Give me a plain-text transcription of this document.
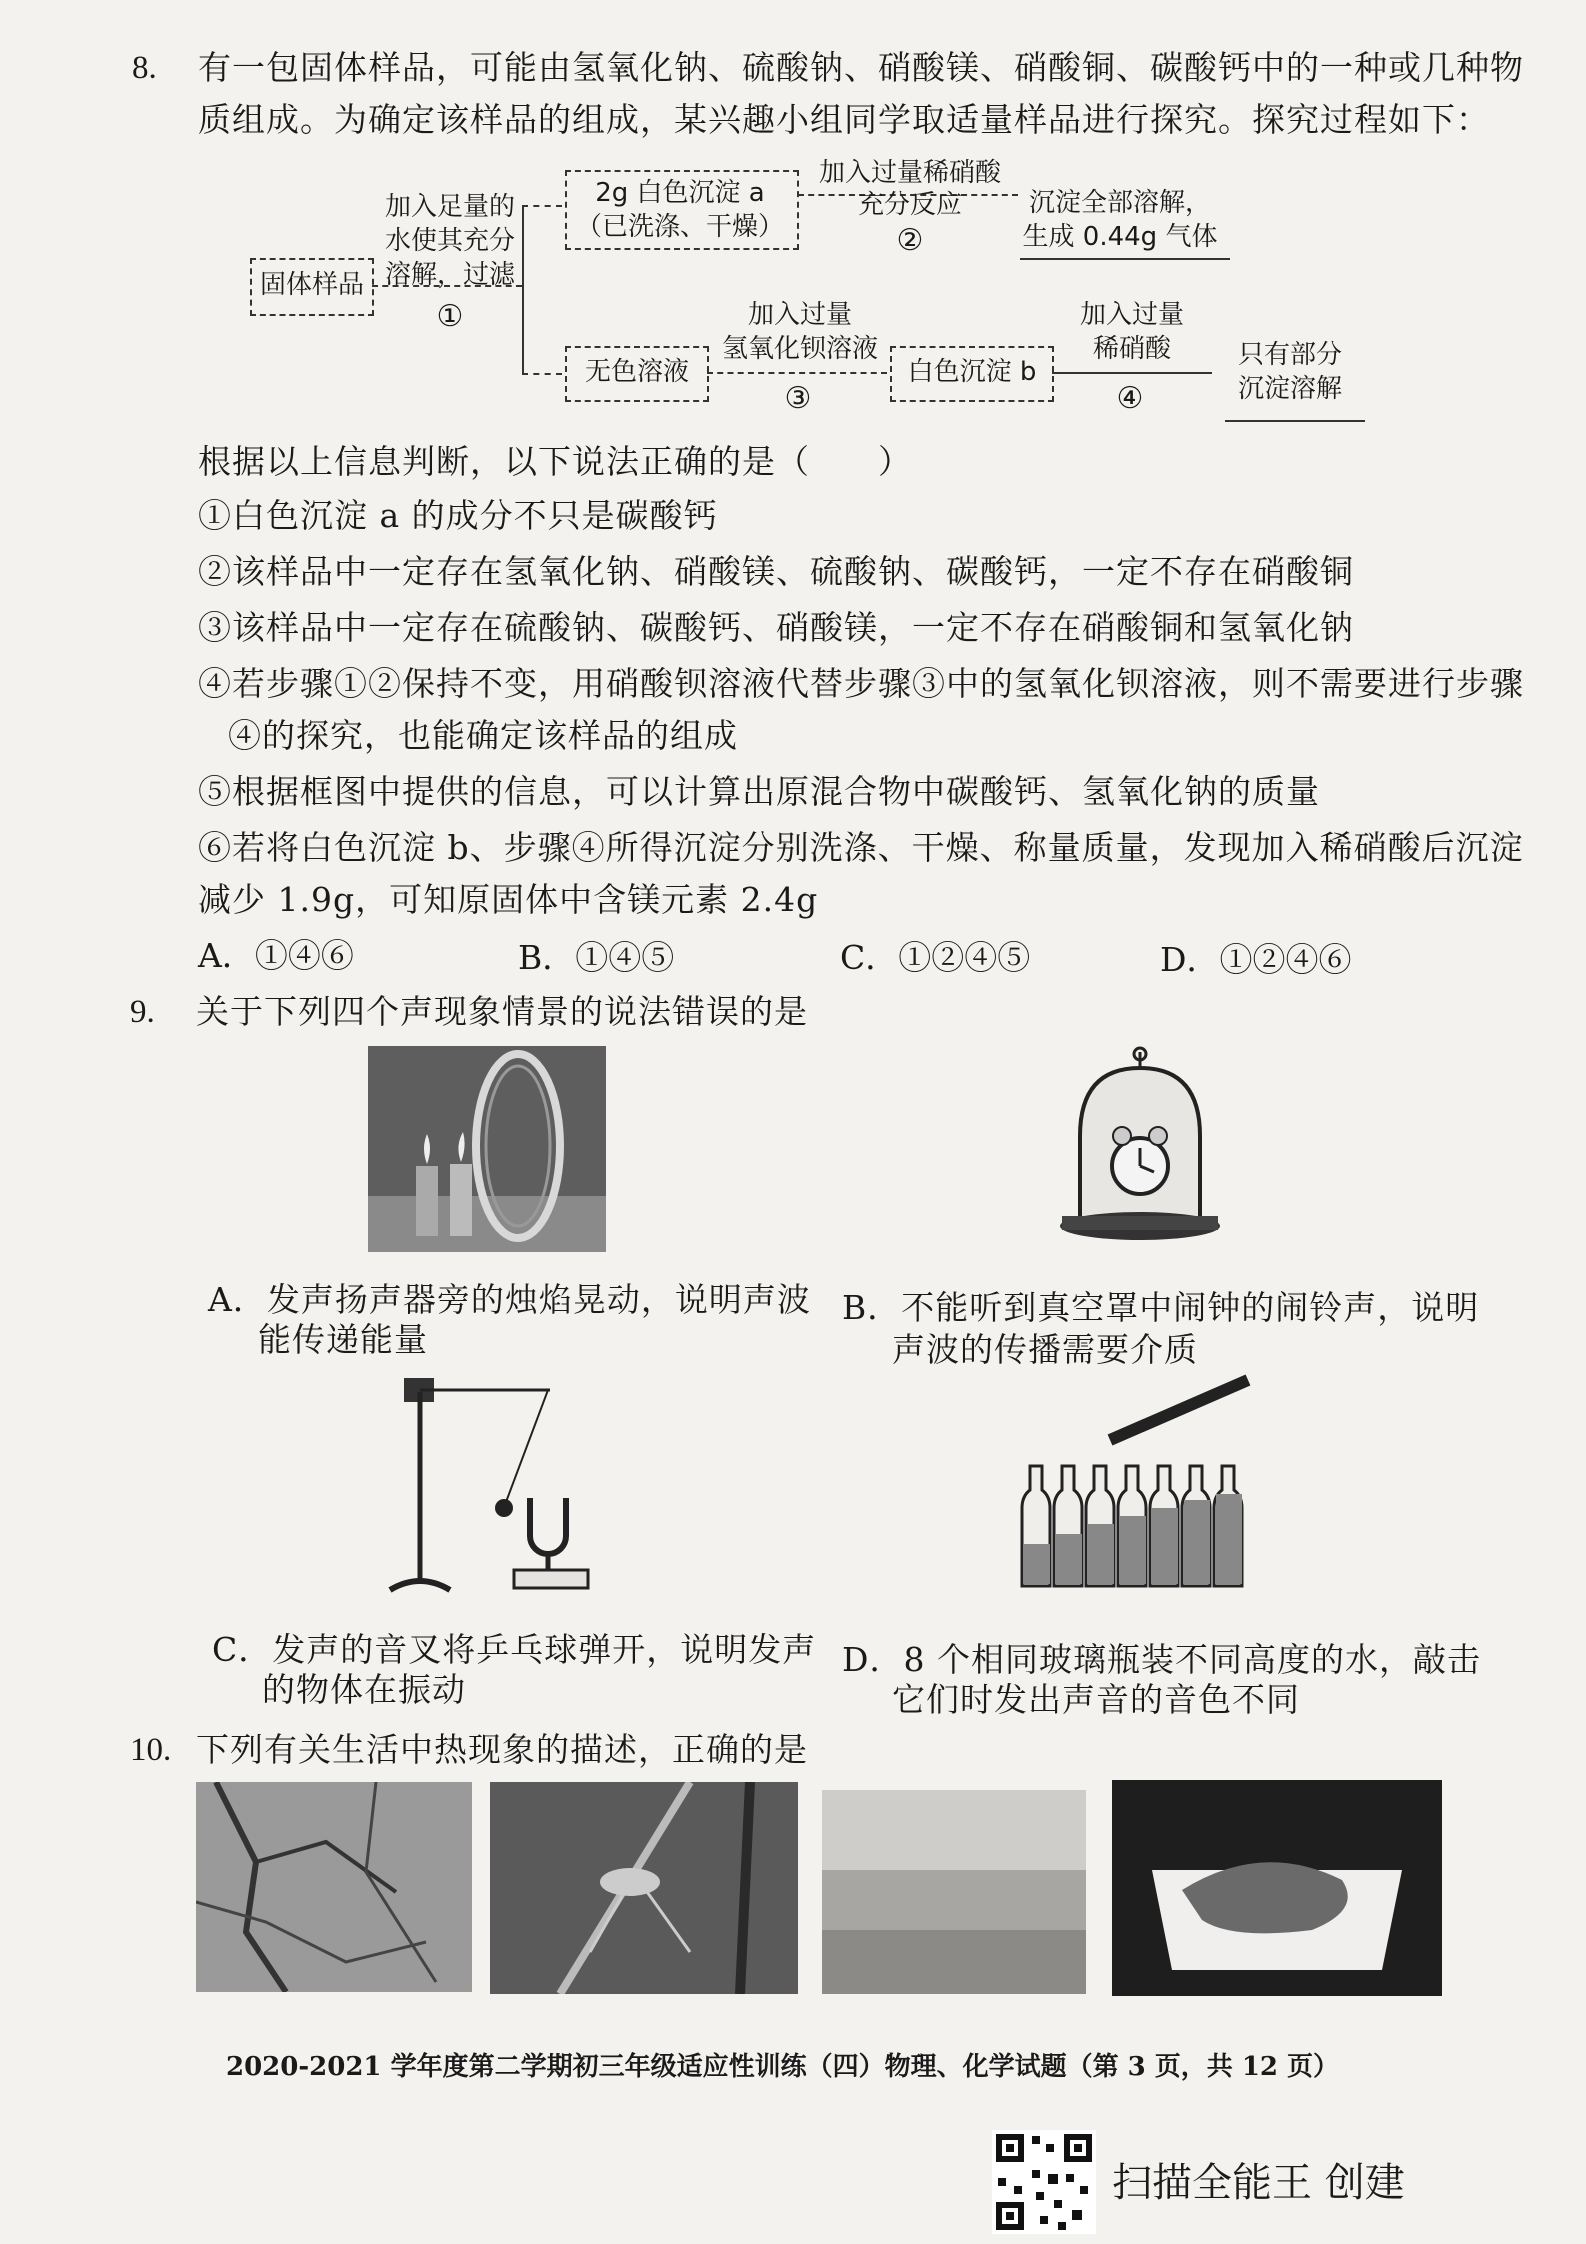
8. 有一包固体样品，可能由氢氧化钠、硫酸钠、硝酸镁、硝酸铜、碳酸钙中的一种或几种物
质组成。为确定该样品的组成，某兴趣小组同学取适量样品进行探究。探究过程如下：
固体样品
加入足量的
水使其充分
溶解，过滤
①
2g 白色沉淀 a
（已洗涤、干燥）
加入过量稀硝酸
充分反应
②
沉淀全部溶解，
生成 0.44g 气体
无色溶液
加入过量
氢氧化钡溶液
③
白色沉淀 b
加入过量
稀硝酸
④
只有部分
沉淀溶解
根据以上信息判断，以下说法正确的是（　　）
①白色沉淀 a 的成分不只是碳酸钙
②该样品中一定存在氢氧化钠、硝酸镁、硫酸钠、碳酸钙，一定不存在硝酸铜
③该样品中一定存在硫酸钠、碳酸钙、硝酸镁，一定不存在硝酸铜和氢氧化钠
④若步骤①②保持不变，用硝酸钡溶液代替步骤③中的氢氧化钡溶液，则不需要进行步骤
④的探究，也能确定该样品的组成
⑤根据框图中提供的信息，可以计算出原混合物中碳酸钙、氢氧化钠的质量
⑥若将白色沉淀 b、步骤④所得沉淀分别洗涤、干燥、称量质量，发现加入稀硝酸后沉淀
减少 1.9g，可知原固体中含镁元素 2.4g
A．①④⑥	B．①④⑤	C．①②④⑤	D．①②④⑥
9. 关于下列四个声现象情景的说法错误的是
A．发声扬声器旁的烛焰晃动，说明声波
能传递能量
B．不能听到真空罩中闹钟的闹铃声，说明
声波的传播需要介质
C．发声的音叉将乒乓球弹开，说明发声
的物体在振动
D．8 个相同玻璃瓶装不同高度的水，敲击
它们时发出声音的音色不同
10. 下列有关生活中热现象的描述，正确的是
2020-2021 学年度第二学期初三年级适应性训练（四）物理、化学试题（第 3 页，共 12 页）
扫描全能王 创建
